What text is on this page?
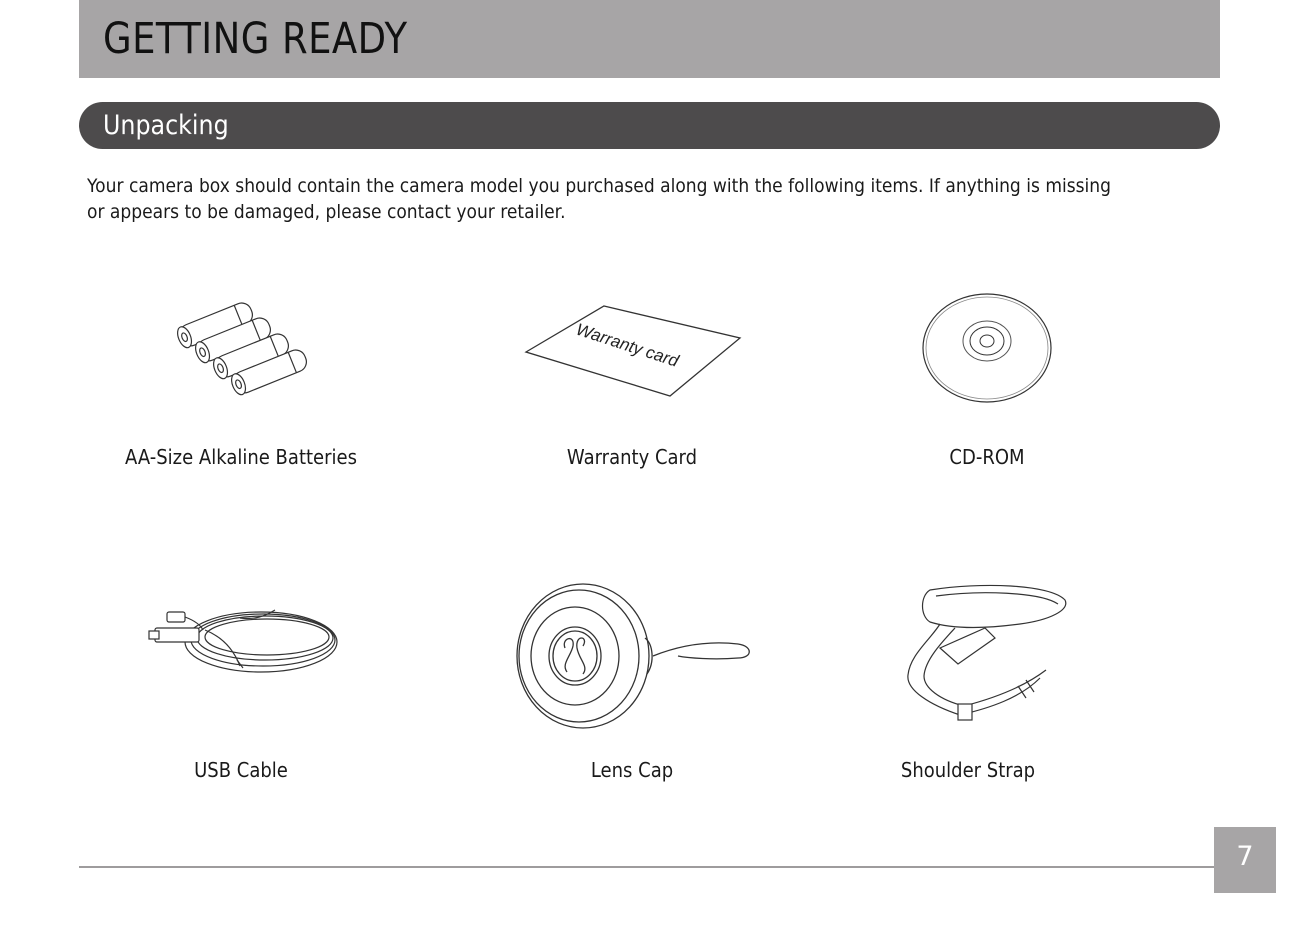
GETTING READY
Unpacking

Your camera box should contain the camera model you purchased along with the following items. If anything is missing or appears to be damaged, please contact your retailer.

AA-Size Alkaline Batteries
Warranty card
Warranty Card	CD-ROM
USB Cable	Lens Cap	Shoulder Strap
7
